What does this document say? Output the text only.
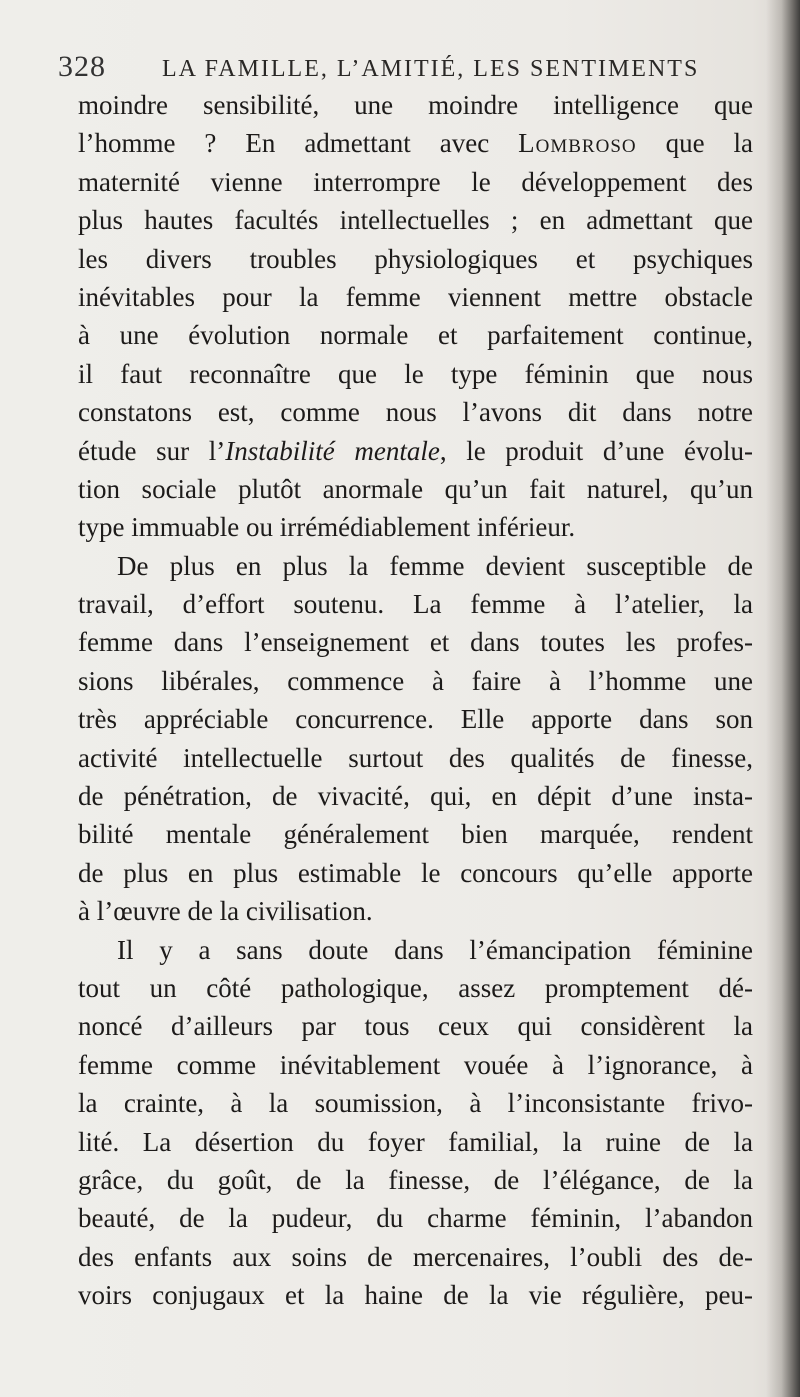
328 LA FAMILLE, L’AMITIÉ, LES SENTIMENTS
moindre sensibilité, une moindre intelligence que
l’homme ? En admettant avec Lombroso que la
maternité vienne interrompre le développement des
plus hautes facultés intellectuelles ; en admettant que
les divers troubles physiologiques et psychiques
inévitables pour la femme viennent mettre obstacle
à une évolution normale et parfaitement continue,
il faut reconnaître que le type féminin que nous
constatons est, comme nous l’avons dit dans notre
étude sur l’Instabilité mentale, le produit d’une évolu-
tion sociale plutôt anormale qu’un fait naturel, qu’un
type immuable ou irrémédiablement inférieur.
De plus en plus la femme devient susceptible de
travail, d’effort soutenu. La femme à l’atelier, la
femme dans l’enseignement et dans toutes les profes-
sions libérales, commence à faire à l’homme une
très appréciable concurrence. Elle apporte dans son
activité intellectuelle surtout des qualités de finesse,
de pénétration, de vivacité, qui, en dépit d’une insta-
bilité mentale généralement bien marquée, rendent
de plus en plus estimable le concours qu’elle apporte
à l’œuvre de la civilisation.
Il y a sans doute dans l’émancipation féminine
tout un côté pathologique, assez promptement dé-
noncé d’ailleurs par tous ceux qui considèrent la
femme comme inévitablement vouée à l’ignorance, à
la crainte, à la soumission, à l’inconsistante frivo-
lité. La désertion du foyer familial, la ruine de la
grâce, du goût, de la finesse, de l’élégance, de la
beauté, de la pudeur, du charme féminin, l’abandon
des enfants aux soins de mercenaires, l’oubli des de-
voirs conjugaux et la haine de la vie régulière, peu-
